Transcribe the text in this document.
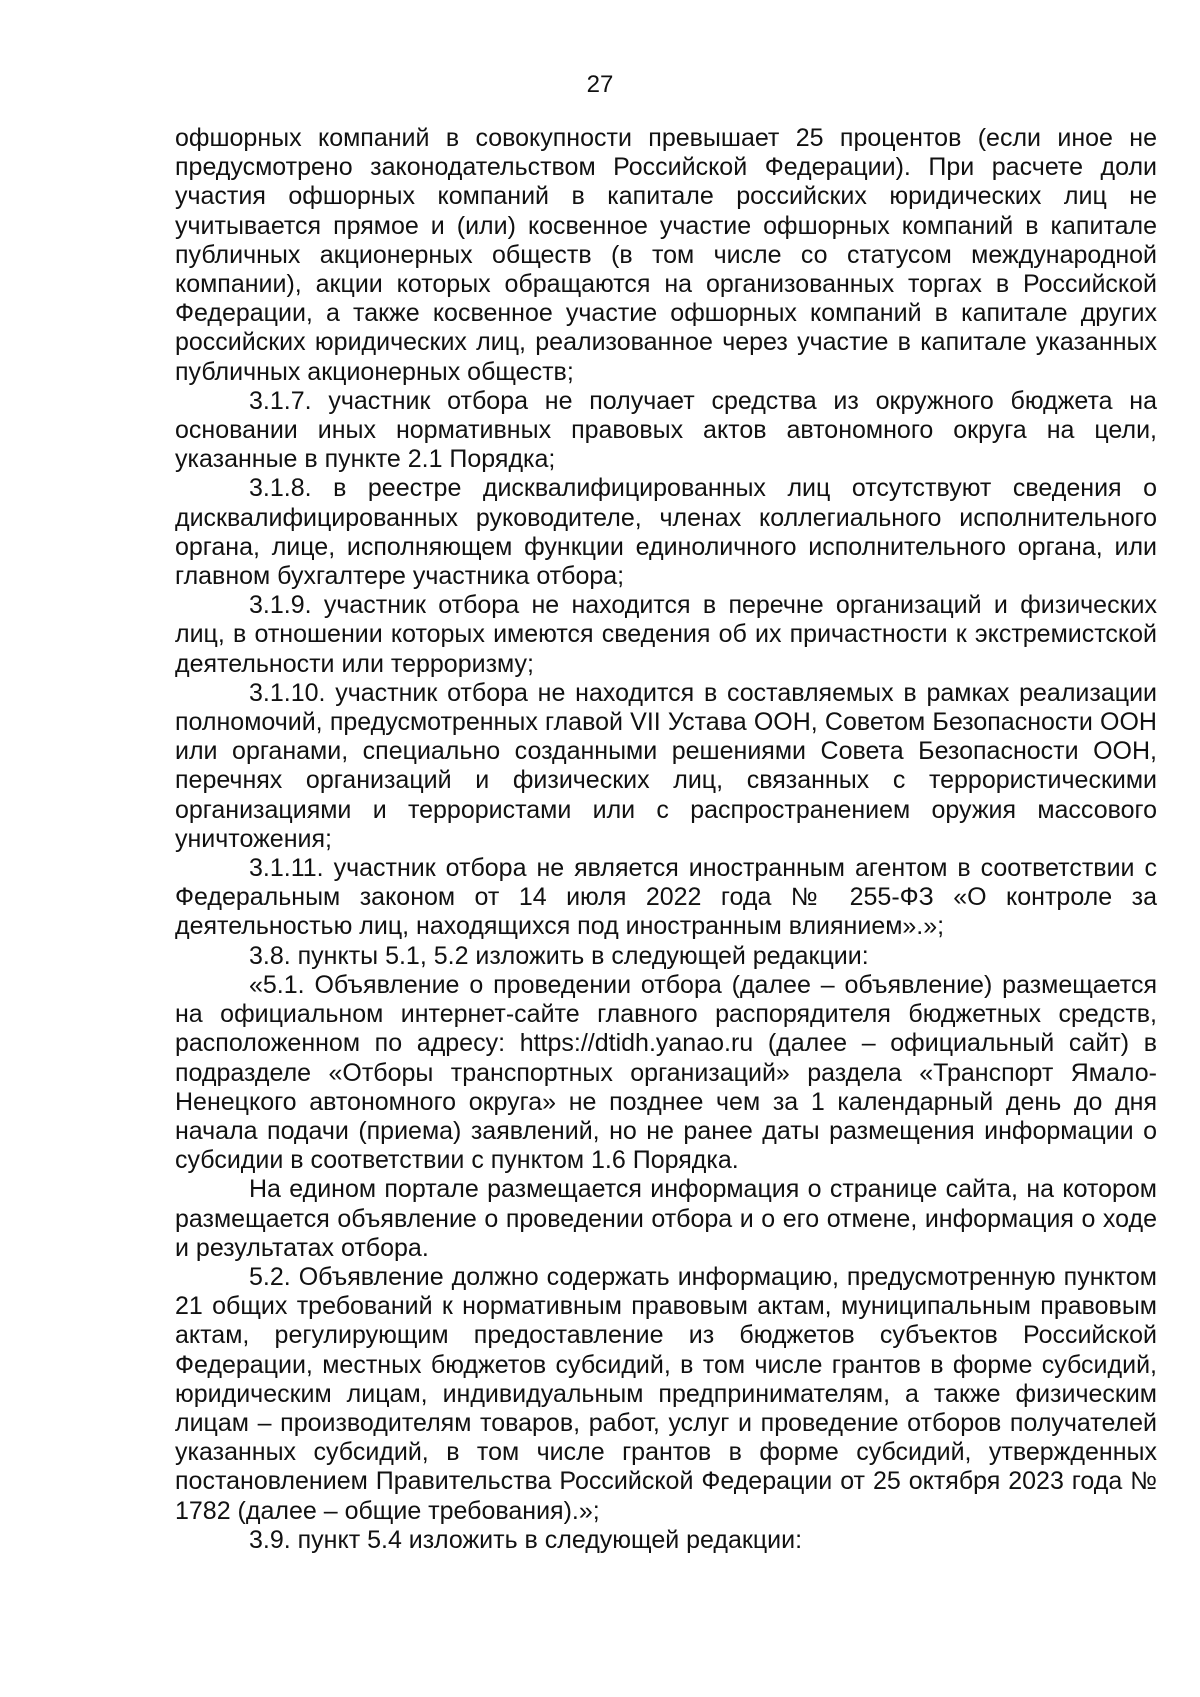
27

офшорных компаний в совокупности превышает 25 процентов (если иное не предусмотрено законодательством Российской Федерации). При расчете доли участия офшорных компаний в капитале российских юридических лиц не учитывается прямое и (или) косвенное участие офшорных компаний в капитале публичных акционерных обществ (в том числе со статусом международной компании), акции которых обращаются на организованных торгах в Российской Федерации, а также косвенное участие офшорных компаний в капитале других российских юридических лиц, реализованное через участие в капитале указанных публичных акционерных обществ;

3.1.7. участник отбора не получает средства из окружного бюджета на основании иных нормативных правовых актов автономного округа на цели, указанные в пункте 2.1 Порядка;

3.1.8. в реестре дисквалифицированных лиц отсутствуют сведения о дисквалифицированных руководителе, членах коллегиального исполнительного органа, лице, исполняющем функции единоличного исполнительного органа, или главном бухгалтере участника отбора;

3.1.9. участник отбора не находится в перечне организаций и физических лиц, в отношении которых имеются сведения об их причастности к экстремистской деятельности или терроризму;

3.1.10. участник отбора не находится в составляемых в рамках реализации полномочий, предусмотренных главой VII Устава ООН, Советом Безопасности ООН или органами, специально созданными решениями Совета Безопасности ООН, перечнях организаций и физических лиц, связанных с террористическими организациями и террористами или с распространением оружия массового уничтожения;

3.1.11. участник отбора не является иностранным агентом в соответствии с Федеральным законом от 14 июля 2022 года № 255-ФЗ «О контроле за деятельностью лиц, находящихся под иностранным влиянием».»;

3.8. пункты 5.1, 5.2 изложить в следующей редакции:

«5.1. Объявление о проведении отбора (далее – объявление) размещается на официальном интернет-сайте главного распорядителя бюджетных средств, расположенном по адресу: https://dtidh.yanao.ru (далее – официальный сайт) в подразделе «Отборы транспортных организаций» раздела «Транспорт Ямало-Ненецкого автономного округа» не позднее чем за 1 календарный день до дня начала подачи (приема) заявлений, но не ранее даты размещения информации о субсидии в соответствии с пунктом 1.6 Порядка.

На едином портале размещается информация о странице сайта, на котором размещается объявление о проведении отбора и о его отмене, информация о ходе и результатах отбора.

5.2. Объявление должно содержать информацию, предусмотренную пунктом 21 общих требований к нормативным правовым актам, муниципальным правовым актам, регулирующим предоставление из бюджетов субъектов Российской Федерации, местных бюджетов субсидий, в том числе грантов в форме субсидий, юридическим лицам, индивидуальным предпринимателям, а также физическим лицам – производителям товаров, работ, услуг и проведение отборов получателей указанных субсидий, в том числе грантов в форме субсидий, утвержденных постановлением Правительства Российской Федерации от 25 октября 2023 года № 1782 (далее – общие требования).»;

3.9. пункт 5.4 изложить в следующей редакции:
